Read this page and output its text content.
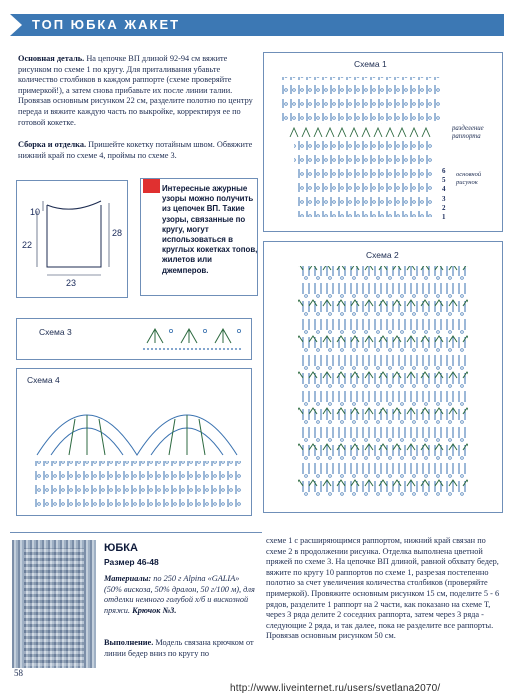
ТОП ЮБКА ЖАКЕТ
Основная деталь. На цепочке ВП длиной 92-94 см вяжите рисунком по схеме 1 по кругу. Для приталивания убавьте количество столбиков в каждом раппорте (схеме проверяйте примеркой!), а затем снова прибавьте их после линии талии. Провязав основным рисунком 22 см, разделите полотно по центру переда и вяжите каждую часть по выкройке, корректируя ее по готовой кокетке.
Сборка и отделка. Пришейте кокетку потайным швом. Обвяжите нижний край по схеме 4, проймы по схеме 3.
10
22
28
23
Интересные ажурные узоры можно получить из цепочек ВП. Такие узоры, связанные по кругу, могут использоваться в круглых кокетках топов, жилетов или джемперов.
Схема 1
разделение раппорта
основной рисунок
6
5
4
3
2
1
Схема 2
Схема 3
Схема 4
ЮБКА
Размер 46-48
Материалы: по 250 г Alpina «GALIA» (50% вискоза, 50% дралон, 50 г/100 м), для отделки немного голубой х/б и вискозной пряжи. Крючок №3.
Выполнение. Модель связана крючком от линии бедер вниз по кругу по
схеме 1 с расширяющимся раппортом, нижний край связан по схеме 2 в продолжении рисунка. Отделка выполнена цветной пряжей по схеме 3. На цепочке ВП длиной, равной обхвату бедер, вяжите по кругу 10 раппортов по схеме 1, разрезая постепенно полотно за счет увеличения количества столбиков (проверяйте примеркой). Провяжите основным рисунком 15 см, поделите 5 - 6 рядов, разделите 1 раппорт на 2 части, как показано на схеме Т, через 3 ряда делите 2 соседних раппорта, затем через 3 ряда - следующие 2 ряда, и так далее, пока не разделите все раппорты. Провязав основным рисунком 50 см.
58
http://www.liveinternet.ru/users/svetlana2070/
